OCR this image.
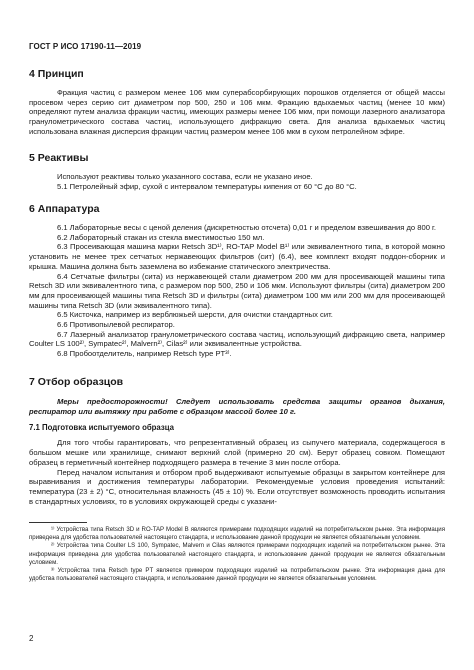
ГОСТ Р ИСО 17190-11—2019

4 Принцип

Фракция частиц с размером менее 106 мкм суперабсорбирующих порошков отделяется от общей массы просевом через серию сит диаметром пор 500, 250 и 106 мкм. Фракцию вдыхаемых частиц (менее 10 мкм) определяют путем анализа фракции частиц, имеющих размеры менее 106 мкм, при помощи лазерного анализатора гранулометрического состава частиц, использующего дифракцию света. Для анализа вдыхаемых частиц использована влажная дисперсия фракции частиц размером менее 106 мкм в сухом петролейном эфире.

5 Реактивы

Используют реактивы только указанного состава, если не указано иное.

5.1 Петролейный эфир, сухой с интервалом температуры кипения от 60 °С до 80 °С.

6 Аппаратура

6.1 Лабораторные весы с ценой деления (дискретностью отсчета) 0,01 г и пределом взвешивания до 800 г.

6.2 Лабораторный стакан из стекла вместимостью 150 мл.

6.3 Просеивающая машина марки Retsch 3D¹⁾, RO-TAP Model B¹⁾ или эквивалентного типа, в которой можно установить не менее трех сетчатых нержавеющих фильтров (сит) (6.4), вее комплект входят поддон-сборник и крышка. Машина должна быть заземлена во избежание статического электричества.

6.4 Сетчатые фильтры (сита) из нержавеющей стали диаметром 200 мм для просеивающей машины типа Retsch 3D или эквивалентного типа, с размером пор 500, 250 и 106 мкм. Используют фильтры (сита) диаметром 200 мм для просеивающей машины типа Retsch 3D и фильтры (сита) диаметром 100 мм или 200 мм для просеивающей машины типа Retsch 3D (или эквивалентного типа).

6.5 Кисточка, например из верблюжьей шерсти, для очистки стандартных сит.

6.6 Противопылевой респиратор.

6.7 Лазерный анализатор гранулометрического состава частиц, использующий дифракцию света, например Coulter LS 100²⁾, Sympatec²⁾, Malvern²⁾, Cilas²⁾ или эквивалентные устройства.

6.8 Пробоотделитель, например Retsch type PT³⁾.

7 Отбор образцов

Меры предосторожности! Следует использовать средства защиты органов дыхания, респиратор или вытяжку при работе с образцом массой более 10 г.

7.1 Подготовка испытуемого образца

Для того чтобы гарантировать, что репрезентативный образец из сыпучего материала, содержащегося в большом мешке или хранилище, снимают верхний слой (примерно 20 см). Берут образец совком. Помещают образец в герметичный контейнер подходящего размера в течение 3 мин после отбора.

Перед началом испытания и отбором проб выдерживают испытуемые образцы в закрытом контейнере для выравнивания и достижения температуры лаборатории. Рекомендуемые условия проведения испытаний: температура (23 ± 2) °С, относительная влажность (45 ± 10) %. Если отсутствует возможность проводить испытания в стандартных условиях, то в условиях окружающей среды с указани-

¹⁾ Устройства типа Retsch 3D и RO-TAP Model B являются примерами подходящих изделий на потребительском рынке. Эта информация приведена для удобства пользователей настоящего стандарта, и использование данной продукции не является обязательным условием.

²⁾ Устройства типа Coulter LS 100, Sympatec, Malvern и Cilas являются примерами подходящих изделий на потребительском рынке. Эта информация приведена для удобства пользователей настоящего стандарта, и использование данной продукции не является обязательным условием.

³⁾ Устройства типа Retsch type PT является примером подходящих изделий на потребительском рынке. Эта информация дана для удобства пользователей настоящего стандарта, и использование данной продукции не является обязательным условием.

2
